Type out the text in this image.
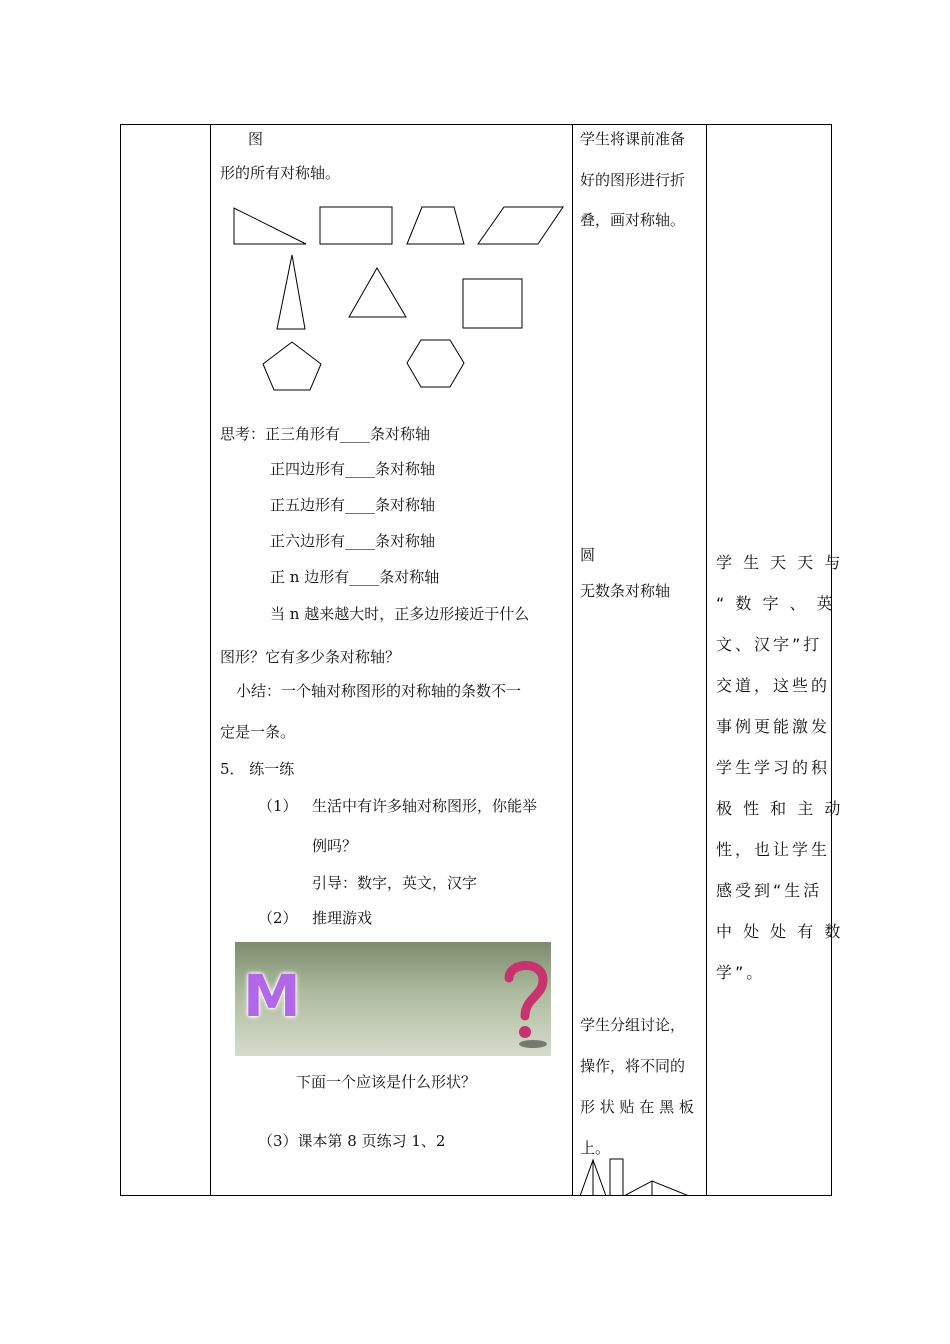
图
形的所有对称轴。
思考：正三角形有____条对称轴
正四边形有____条对称轴
正五边形有____条对称轴
正六边形有____条对称轴
正 n 边形有____条对称轴
当 n 越来越大时，正多边形接近于什么
图形？它有多少条对称轴？
小结：一个轴对称图形的对称轴的条数不一
定是一条。
5． 练一练
（1） 生活中有许多轴对称图形，你能举
例吗？
引导：数字，英文，汉字
（2） 推理游戏
M
下面一个应该是什么形状？
（3）课本第 8 页练习 1、2
学生将课前准备
好的图形进行折
叠，画对称轴。
圆
无数条对称轴
学生分组讨论，
操作，将不同的
形 状 贴 在 黑 板
上。
学 生 天 天 与
“ 数 字 、 英
文、汉字”打
交道，这些的
事例更能激发
学生学习的积
极 性 和 主 动
性，也让学生
感受到“生活
中 处 处 有 数
学”。
